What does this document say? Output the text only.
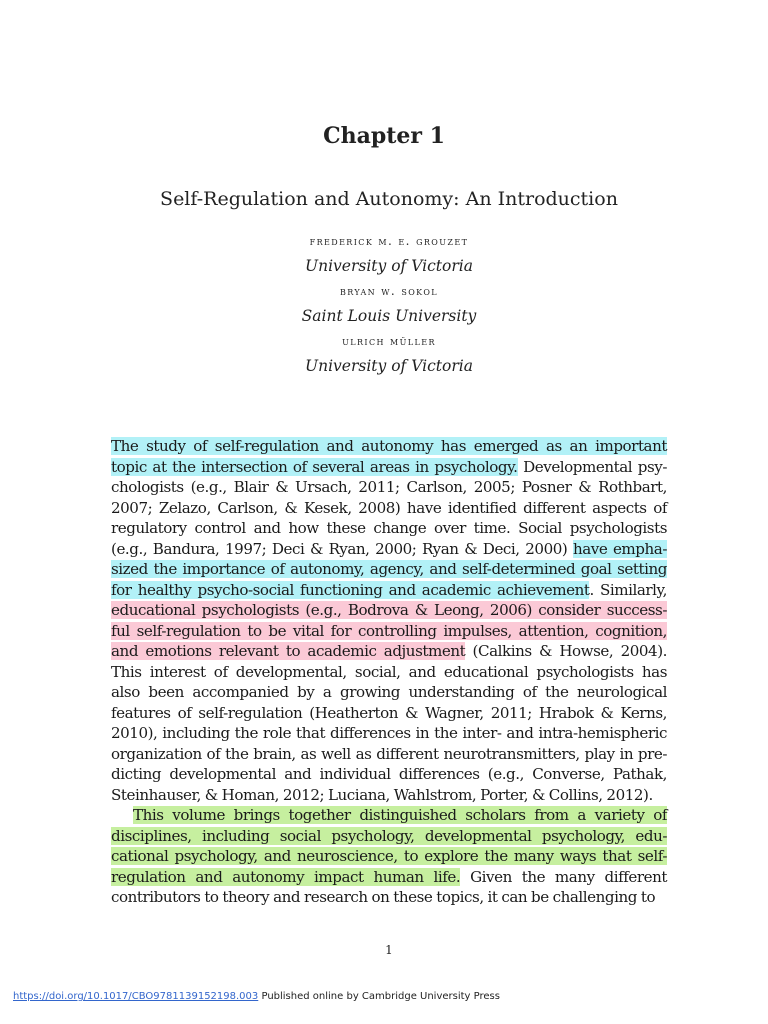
Chapter 1
Self-Regulation and Autonomy: An Introduction
frederick m. e. grouzet
University of Victoria
bryan w. sokol
Saint Louis University
ulrich müller
University of Victoria
The study of self-regulation and autonomy has emerged as an important
topic at the intersection of several areas in psychology. Developmental psy-
chologists (e.g., Blair & Ursach, 2011; Carlson, 2005; Posner & Rothbart,
2007; Zelazo, Carlson, & Kesek, 2008) have identified different aspects of
regulatory control and how these change over time. Social psychologists
(e.g., Bandura, 1997; Deci & Ryan, 2000; Ryan & Deci, 2000) have empha-
sized the importance of autonomy, agency, and self-determined goal setting
for healthy psycho-social functioning and academic achievement. Similarly,
educational psychologists (e.g., Bodrova & Leong, 2006) consider success-
ful self-regulation to be vital for controlling impulses, attention, cognition,
and emotions relevant to academic adjustment (Calkins & Howse, 2004).
This interest of developmental, social, and educational psychologists has
also been accompanied by a growing understanding of the neurological
features of self-regulation (Heatherton & Wagner, 2011; Hrabok & Kerns,
2010), including the role that differences in the inter- and intra-hemispheric
organization of the brain, as well as different neurotransmitters, play in pre-
dicting developmental and individual differences (e.g., Converse, Pathak,
Steinhauser, & Homan, 2012; Luciana, Wahlstrom, Porter, & Collins, 2012).
This volume brings together distinguished scholars from a variety of
disciplines, including social psychology, developmental psychology, edu-
cational psychology, and neuroscience, to explore the many ways that self-
regulation and autonomy impact human life. Given the many different
contributors to theory and research on these topics, it can be challenging to
1
https://doi.org/10.1017/CBO9781139152198.003 Published online by Cambridge University Press
